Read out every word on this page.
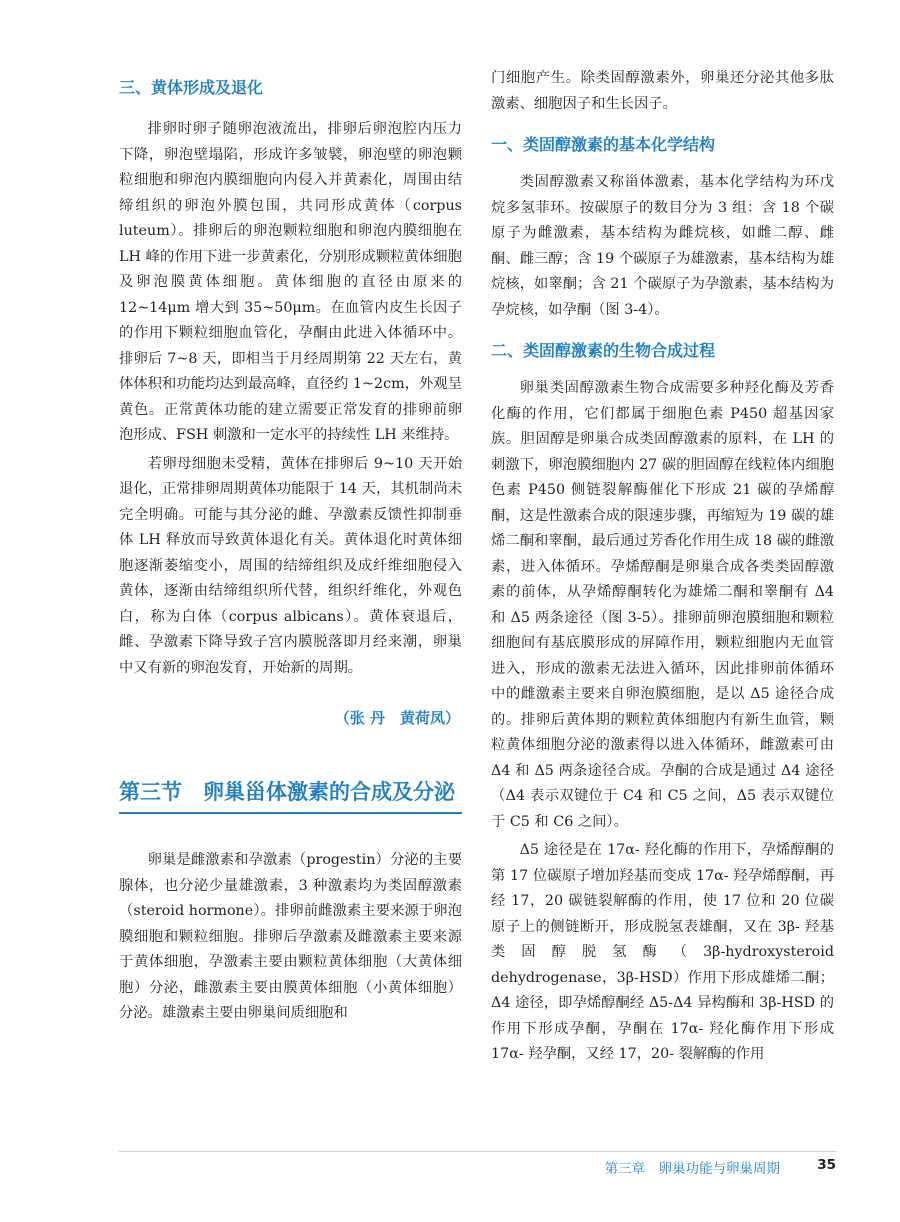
三、黄体形成及退化

排卵时卵子随卵泡液流出，排卵后卵泡腔内压力下降，卵泡壁塌陷，形成许多皱襞，卵泡壁的卵泡颗粒细胞和卵泡内膜细胞向内侵入并黄素化，周围由结缔组织的卵泡外膜包围，共同形成黄体（corpus luteum）。排卵后的卵泡颗粒细胞和卵泡内膜细胞在 LH 峰的作用下进一步黄素化，分别形成颗粒黄体细胞及卵泡膜黄体细胞。黄体细胞的直径由原来的 12~14μm 增大到 35~50μm。在血管内皮生长因子的作用下颗粒细胞血管化，孕酮由此进入体循环中。排卵后 7~8 天，即相当于月经周期第 22 天左右，黄体体积和功能均达到最高峰，直径约 1~2cm，外观呈黄色。正常黄体功能的建立需要正常发育的排卵前卵泡形成、FSH 刺激和一定水平的持续性 LH 来维持。

若卵母细胞未受精，黄体在排卵后 9~10 天开始退化，正常排卵周期黄体功能限于 14 天，其机制尚未完全明确。可能与其分泌的雌、孕激素反馈性抑制垂体 LH 释放而导致黄体退化有关。黄体退化时黄体细胞逐渐萎缩变小，周围的结缔组织及成纤维细胞侵入黄体，逐渐由结缔组织所代替，组织纤维化，外观色白，称为白体（corpus albicans）。黄体衰退后，雌、孕激素下降导致子宫内膜脱落即月经来潮，卵巢中又有新的卵泡发育，开始新的周期。

（张 丹　黄荷凤）
第三节　卵巢甾体激素的合成及分泌

卵巢是雌激素和孕激素（progestin）分泌的主要腺体，也分泌少量雄激素，3 种激素均为类固醇激素（steroid hormone）。排卵前雌激素主要来源于卵泡膜细胞和颗粒细胞。排卵后孕激素及雌激素主要来源于黄体细胞，孕激素主要由颗粒黄体细胞（大黄体细胞）分泌，雌激素主要由膜黄体细胞（小黄体细胞）分泌。雄激素主要由卵巢间质细胞和

门细胞产生。除类固醇激素外，卵巢还分泌其他多肽激素、细胞因子和生长因子。

一、类固醇激素的基本化学结构

类固醇激素又称甾体激素，基本化学结构为环戊烷多氢菲环。按碳原子的数目分为 3 组：含 18 个碳原子为雌激素，基本结构为雌烷核，如雌二醇、雌酮、雌三醇；含 19 个碳原子为雄激素，基本结构为雄烷核，如睾酮；含 21 个碳原子为孕激素，基本结构为孕烷核，如孕酮（图 3-4）。

二、类固醇激素的生物合成过程

卵巢类固醇激素生物合成需要多种羟化酶及芳香化酶的作用，它们都属于细胞色素 P450 超基因家族。胆固醇是卵巢合成类固醇激素的原料，在 LH 的刺激下，卵泡膜细胞内 27 碳的胆固醇在线粒体内细胞色素 P450 侧链裂解酶催化下形成 21 碳的孕烯醇酮，这是性激素合成的限速步骤，再缩短为 19 碳的雄烯二酮和睾酮，最后通过芳香化作用生成 18 碳的雌激素，进入体循环。孕烯醇酮是卵巢合成各类类固醇激素的前体，从孕烯醇酮转化为雄烯二酮和睾酮有 Δ4 和 Δ5 两条途径（图 3-5）。排卵前卵泡膜细胞和颗粒细胞间有基底膜形成的屏障作用，颗粒细胞内无血管进入，形成的激素无法进入循环，因此排卵前体循环中的雌激素主要来自卵泡膜细胞，是以 Δ5 途径合成的。排卵后黄体期的颗粒黄体细胞内有新生血管，颗粒黄体细胞分泌的激素得以进入体循环，雌激素可由 Δ4 和 Δ5 两条途径合成。孕酮的合成是通过 Δ4 途径（Δ4 表示双键位于 C4 和 C5 之间，Δ5 表示双键位于 C5 和 C6 之间）。

Δ5 途径是在 17α- 羟化酶的作用下，孕烯醇酮的第 17 位碳原子增加羟基而变成 17α- 羟孕烯醇酮，再经 17，20 碳链裂解酶的作用，使 17 位和 20 位碳原子上的侧链断开，形成脱氢表雄酮，又在 3β- 羟基类固醇脱氢酶（3β-hydroxysteroid dehydrogenase，3β-HSD）作用下形成雄烯二酮；Δ4 途径，即孕烯醇酮经 Δ5-Δ4 异构酶和 3β-HSD 的作用下形成孕酮，孕酮在 17α- 羟化酶作用下形成 17α- 羟孕酮，又经 17，20- 裂解酶的作用

第三章　卵巢功能与卵巢周期	35
